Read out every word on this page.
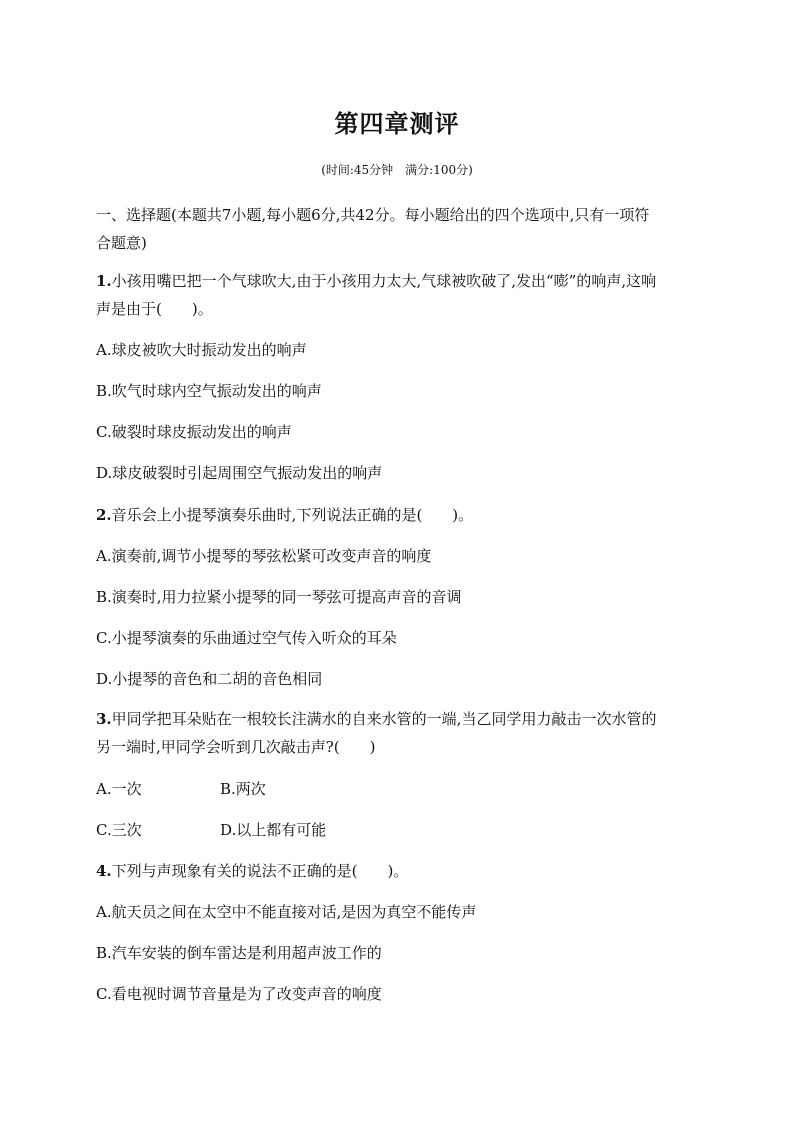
第四章测评
(时间:45分钟　满分:100分)
一、选择题(本题共7小题,每小题6分,共42分。每小题给出的四个选项中,只有一项符
合题意)
1.小孩用嘴巴把一个气球吹大,由于小孩用力太大,气球被吹破了,发出“嘭”的响声,这响
声是由于(　　)。
A.球皮被吹大时振动发出的响声
B.吹气时球内空气振动发出的响声
C.破裂时球皮振动发出的响声
D.球皮破裂时引起周围空气振动发出的响声
2.音乐会上小提琴演奏乐曲时,下列说法正确的是(　　)。
A.演奏前,调节小提琴的琴弦松紧可改变声音的响度
B.演奏时,用力拉紧小提琴的同一琴弦可提高声音的音调
C.小提琴演奏的乐曲通过空气传入听众的耳朵
D.小提琴的音色和二胡的音色相同
3.甲同学把耳朵贴在一根较长注满水的自来水管的一端,当乙同学用力敲击一次水管的
另一端时,甲同学会听到几次敲击声?(　　)
A.一次	B.两次
C.三次	D.以上都有可能
4.下列与声现象有关的说法不正确的是(　　)。
A.航天员之间在太空中不能直接对话,是因为真空不能传声
B.汽车安装的倒车雷达是利用超声波工作的
C.看电视时调节音量是为了改变声音的响度
